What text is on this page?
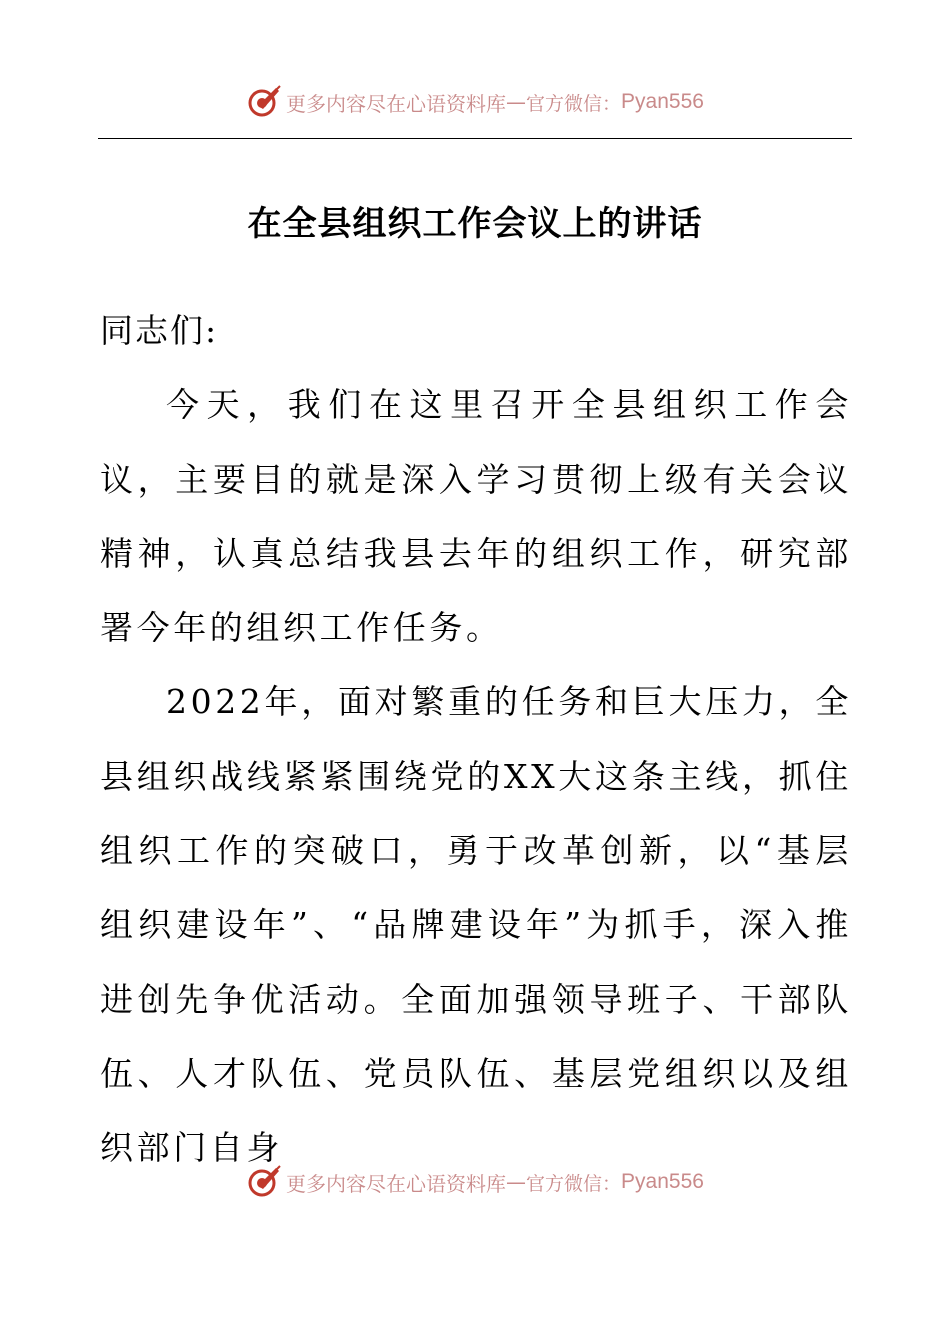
更多内容尽在心语资料库 — 官方微信： Pyan556
在全县组织工作会议上的讲话

同志们:

今天，我们在这里召开全县组织工作会议，主要目的就是深入学习贯彻上级有关会议精神，认真总结我县去年的组织工作，研究部署今年的组织工作任务。

2022年，面对繁重的任务和巨大压力，全县组织战线紧紧围绕党的XX大这条主线，抓住组织工作的突破口，勇于改革创新，以“基层组织建设年”、“品牌建设年”为抓手，深入推进创先争优活动。全面加强领导班子、干部队伍、人才队伍、党员队伍、基层党组织以及组织部门自身

更多内容尽在心语资料库 — 官方微信： Pyan556
